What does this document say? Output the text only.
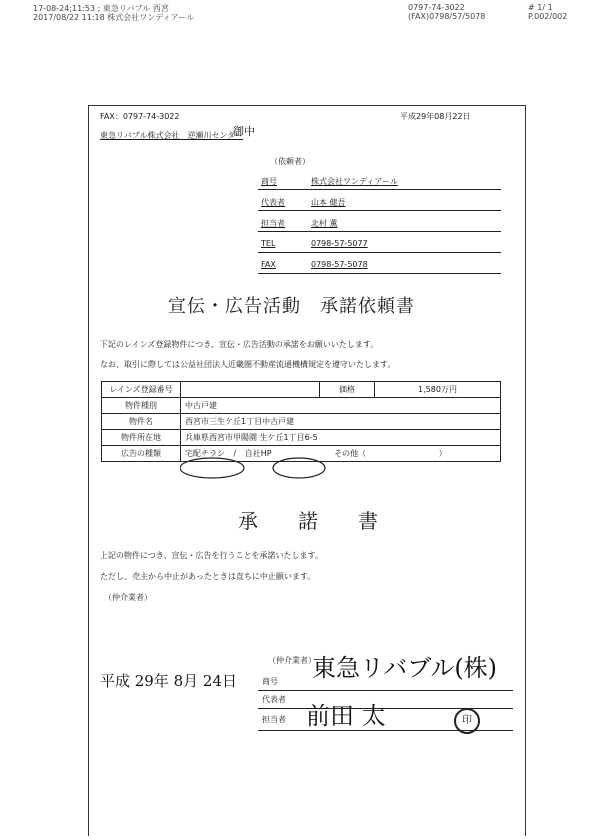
17-08-24;11:53 ; 東急リバブル 西宮
2017/08/22 11:18 株式会社ワンディアール
0797-74-3022
(FAX)0798/57/5078
# 1/ 1
P.002/002
FAX：0797-74-3022	平成29年08月22日
東急リバブル株式会社　逆瀬川センター
御中
（依頼者）
商号	株式会社ワンディアール
代表者	山本 健吾
担当者	北村 薫
TEL	0798-57-5077
FAX	0798-57-5078
宣伝・広告活動　承諾依頼書
下記のレインズ登録物件につき、宣伝・広告活動の承諾をお願いいたします。
なお、取引に際しては公益社団法人近畿圏不動産流通機構規定を遵守いたします。
レインズ登録番号		価格	1,580万円
物件種別	中古戸建		
物件名	西宮市三生ケ丘1丁目中古戸建		
物件所在地	兵庫県西宮市甲陽園 生ケ丘1丁目6-5		
広告の種類	宅配チラシ / 自社HP その他（ ）		
承諾書
上記の物件につき、宣伝・広告を行うことを承諾いたします。
ただし、売主から中止があったときは直ちに中止願います。
（仲介業者）
平成 29年 8月 24日
（仲介業者）
商号 東急リバブル(株)
代表者
担当者 前田 太	印
